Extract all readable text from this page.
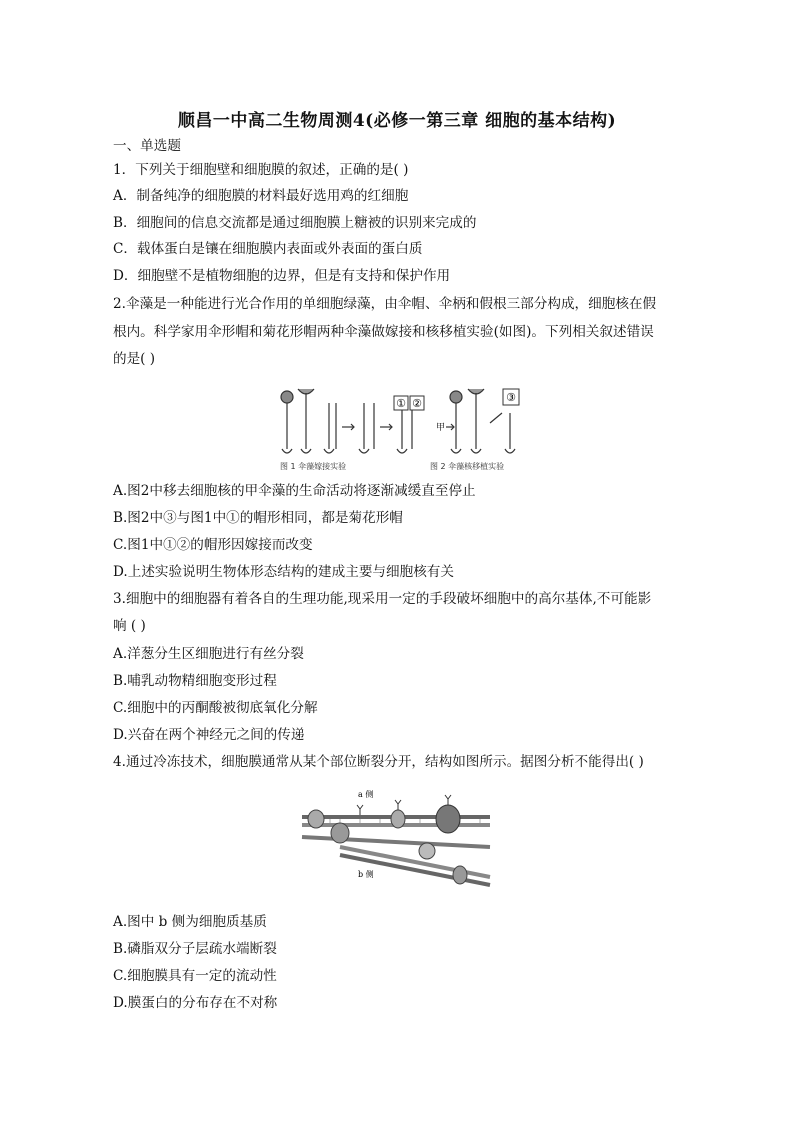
顺昌一中高二生物周测4(必修一第三章 细胞的基本结构)
一、单选题
1．下列关于细胞壁和细胞膜的叙述，正确的是( )
A．制备纯净的细胞膜的材料最好选用鸡的红细胞
B．细胞间的信息交流都是通过细胞膜上糖被的识别来完成的
C．载体蛋白是镶在细胞膜内表面或外表面的蛋白质
D．细胞壁不是植物细胞的边界，但是有支持和保护作用
2.伞藻是一种能进行光合作用的单细胞绿藻，由伞帽、伞柄和假根三部分构成，细胞核在假
根内。科学家用伞形帽和菊花形帽两种伞藻做嫁接和核移植实验(如图)。下列相关叙述错误
的是( )
① ②
甲
③
图 1 伞藻嫁接实验	图 2 伞藻核移植实验
A.图2中移去细胞核的甲伞藻的生命活动将逐渐减缓直至停止
B.图2中③与图1中①的帽形相同，都是菊花形帽
C.图1中①②的帽形因嫁接而改变
D.上述实验说明生物体形态结构的建成主要与细胞核有关
3.细胞中的细胞器有着各自的生理功能,现采用一定的手段破坏细胞中的高尔基体,不可能影
响 ( )
A.洋葱分生区细胞进行有丝分裂
B.哺乳动物精细胞变形过程
C.细胞中的丙酮酸被彻底氧化分解
D.兴奋在两个神经元之间的传递
4.通过冷冻技术，细胞膜通常从某个部位断裂分开，结构如图所示。据图分析不能得出( )
a 侧
b 侧
A.图中 b 侧为细胞质基质
B.磷脂双分子层疏水端断裂
C.细胞膜具有一定的流动性
D.膜蛋白的分布存在不对称
